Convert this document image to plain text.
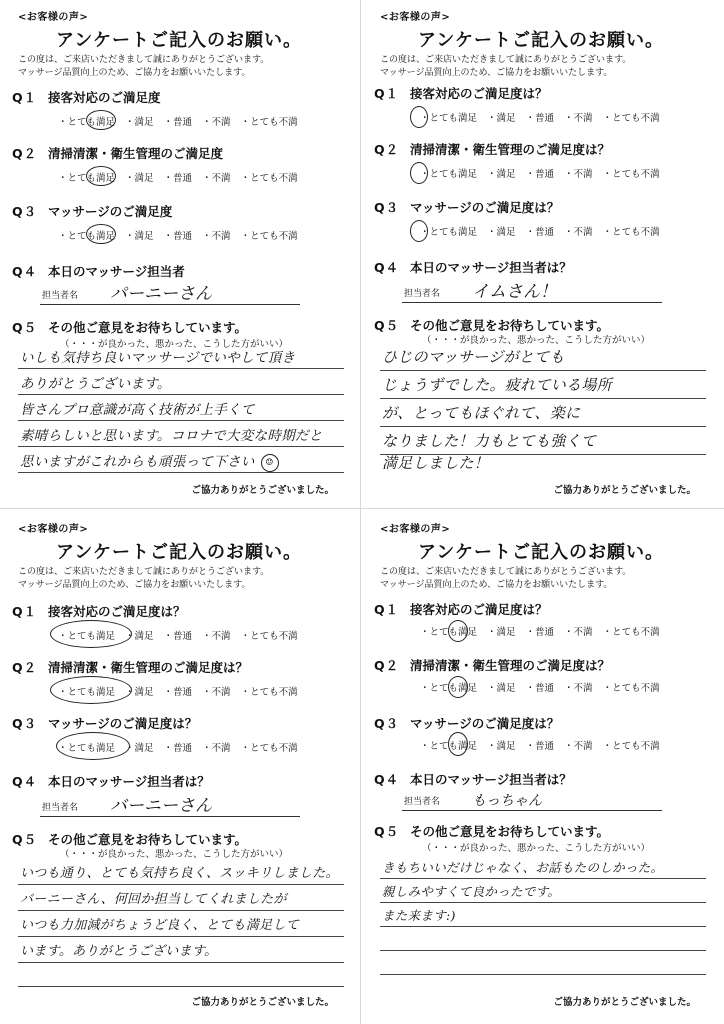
<お客様の声>
アンケートご記入のお願い。
この度は、ご来店いただきまして誠にありがとうございます。
マッサージ品質向上のため、ご協力をお願いいたします。
Q１ 接客対応のご満足度
・とても満足 ・満足 ・普通 ・不満 ・とても不満
Q２ 清掃清潔・衛生管理のご満足度
・とても満足 ・満足 ・普通 ・不満 ・とても不満
Q３ マッサージのご満足度
・とても満足 ・満足 ・普通 ・不満 ・とても不満
Q４ 本日のマッサージ担当者
担当者名 パーニーさん
Q５ その他ご意見をお待ちしています。
（・・・が良かった、悪かった、こうした方がいい）
いしも気持ち良いマッサージでいやして頂き
ありがとうございます。
皆さんプロ意識が高く技術が上手くて
素晴らしいと思います。コロナで大変な時期だと
思いますがこれからも頑張って下さい ☺
ご協力ありがとうございました。
<お客様の声>
アンケートご記入のお願い。
この度は、ご来店いただきまして誠にありがとうございます。
マッサージ品質向上のため、ご協力をお願いいたします。
Q１ 接客対応のご満足度は？
・とても満足 ・満足 ・普通 ・不満 ・とても不満
Q２ 清掃清潔・衛生管理のご満足度は？
・とても満足 ・満足 ・普通 ・不満 ・とても不満
Q３ マッサージのご満足度は？
・とても満足 ・満足 ・普通 ・不満 ・とても不満
Q４ 本日のマッサージ担当者は？
担当者名 イムさん！
Q５ その他ご意見をお待ちしています。
（・・・が良かった、悪かった、こうした方がいい）
ひじのマッサージがとても
じょうずでした。疲れている場所
が、とってもほぐれて、楽に
なりました！力もとても強くて
満足しました！
ご協力ありがとうございました。
<お客様の声>
アンケートご記入のお願い。
この度は、ご来店いただきまして誠にありがとうございます。
マッサージ品質向上のため、ご協力をお願いいたします。
Q１ 接客対応のご満足度は？
・とても満足 ・満足 ・普通 ・不満 ・とても不満
Q２ 清掃清潔・衛生管理のご満足度は？
・とても満足 ・満足 ・普通 ・不満 ・とても不満
Q３ マッサージのご満足度は？
・とても満足 ・満足 ・普通 ・不満 ・とても不満
Q４ 本日のマッサージ担当者は？
担当者名 バーニーさん
Q５ その他ご意見をお待ちしています。
（・・・が良かった、悪かった、こうした方がいい）
いつも通り、とても気持ち良く、スッキリしました。
バーニーさん、何回か担当してくれましたが
いつも力加減がちょうど良く、とても満足して
います。ありがとうございます。
ご協力ありがとうございました。
<お客様の声>
アンケートご記入のお願い。
この度は、ご来店いただきまして誠にありがとうございます。
マッサージ品質向上のため、ご協力をお願いいたします。
Q１ 接客対応のご満足度は？
・とても満足 ・満足 ・普通 ・不満 ・とても不満
Q２ 清掃清潔・衛生管理のご満足度は？
・とても満足 ・満足 ・普通 ・不満 ・とても不満
Q３ マッサージのご満足度は？
・とても満足 ・満足 ・普通 ・不満 ・とても不満
Q４ 本日のマッサージ担当者は？
担当者名 もっちゃん
Q５ その他ご意見をお待ちしています。
（・・・が良かった、悪かった、こうした方がいい）
きもちいいだけじゃなく、お話もたのしかった。
親しみやすくて良かったです。
また来ます:)
ご協力ありがとうございました。
